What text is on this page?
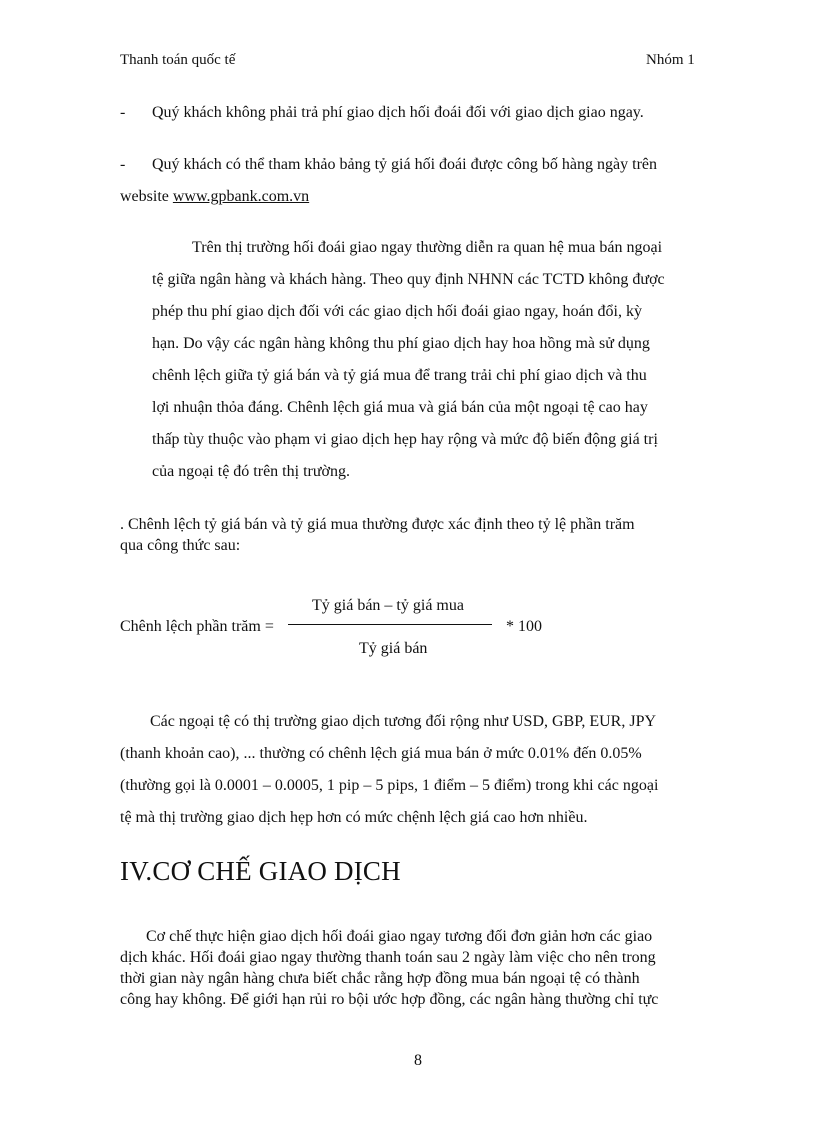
Thanh toán quốc tế	Nhóm 1
- Quý khách không phải trả phí giao dịch hối đoái đối với giao dịch giao ngay.
- Quý khách có thể tham khảo bảng tỷ giá hối đoái được công bố hàng ngày trên
website www.gpbank.com.vn
Trên thị trường hối đoái giao ngay thường diễn ra quan hệ mua bán ngoại
tệ giữa ngân hàng và khách hàng. Theo quy định NHNN các TCTD không được
phép thu phí giao dịch đối với các giao dịch hối đoái giao ngay, hoán đổi, kỳ
hạn. Do vậy các ngân hàng không thu phí giao dịch hay hoa hồng mà sử dụng
chênh lệch giữa tỷ giá bán và tỷ giá mua để trang trải chi phí giao dịch và thu
lợi nhuận thỏa đáng. Chênh lệch giá mua và giá bán của một ngoại tệ cao hay
thấp tùy thuộc vào phạm vi giao dịch hẹp hay rộng và mức độ biến động giá trị
của ngoại tệ đó trên thị trường.
. Chênh lệch tỷ giá bán và tỷ giá mua thường được xác định theo tỷ lệ phần trăm
qua công thức sau:
Tỷ giá bán – tỷ giá mua
Chênh lệch phần trăm =	* 100
Tỷ giá bán
Các ngoại tệ có thị trường giao dịch tương đối rộng như USD, GBP, EUR, JPY
(thanh khoản cao), ... thường có chênh lệch giá mua bán ở mức 0.01% đến 0.05%
(thường gọi là 0.0001 – 0.0005, 1 pip – 5 pips, 1 điểm – 5 điểm) trong khi các ngoại
tệ mà thị trường giao dịch hẹp hơn có mức chệnh lệch giá cao hơn nhiều.
IV.CƠ CHẾ GIAO DỊCH
Cơ chế thực hiện giao dịch hối đoái giao ngay tương đối đơn giản hơn các giao
dịch khác. Hối đoái giao ngay thường thanh toán sau 2 ngày làm việc cho nên trong
thời gian này ngân hàng chưa biết chắc rằng hợp đồng mua bán ngoại tệ có thành
công hay không. Để giới hạn rủi ro bội ước hợp đồng, các ngân hàng thường chỉ tực
8
